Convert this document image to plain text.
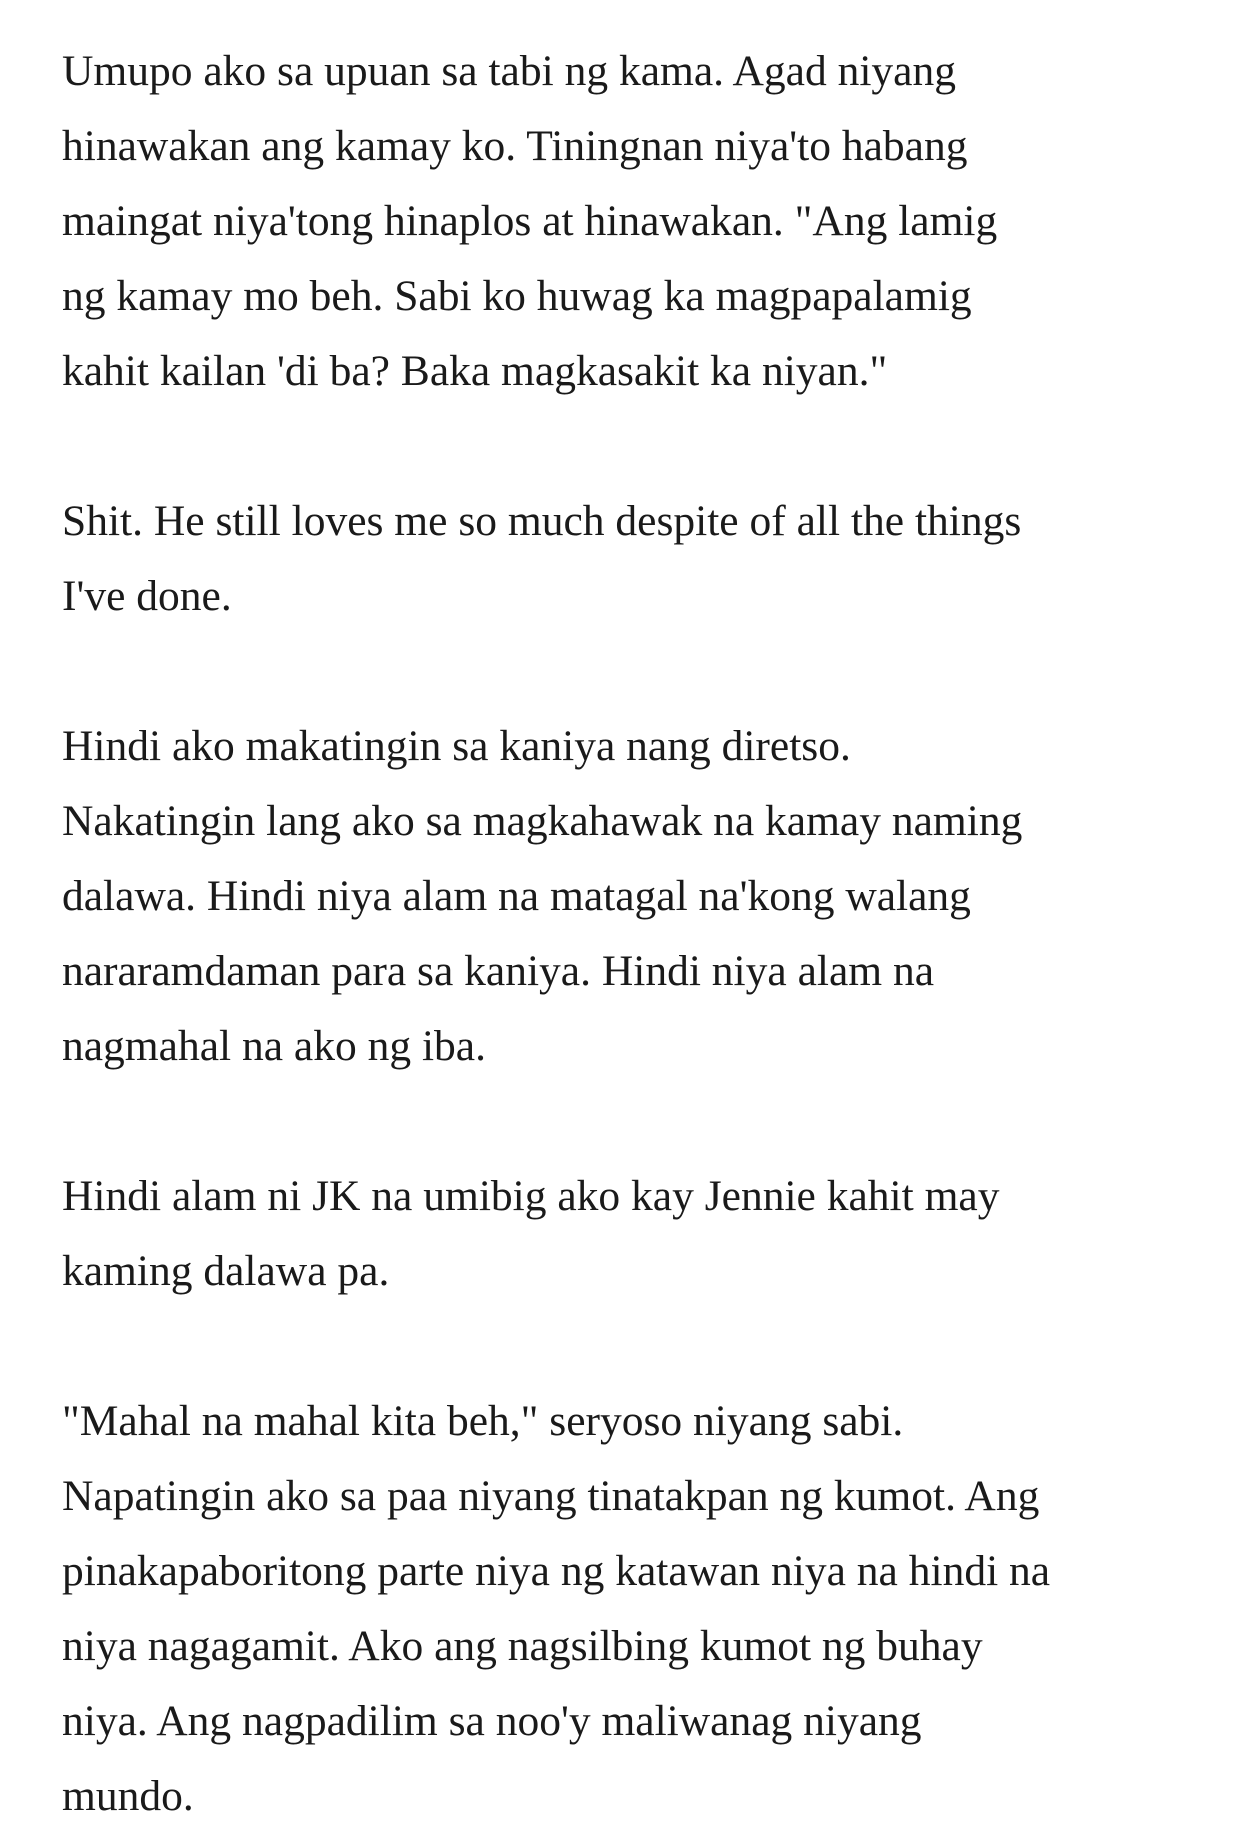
Umupo ako sa upuan sa tabi ng kama. Agad niyang
hinawakan ang kamay ko. Tiningnan niya'to habang
maingat niya'tong hinaplos at hinawakan. "Ang lamig
ng kamay mo beh. Sabi ko huwag ka magpapalamig
kahit kailan 'di ba? Baka magkasakit ka niyan."

Shit. He still loves me so much despite of all the things
I've done.

Hindi ako makatingin sa kaniya nang diretso.
Nakatingin lang ako sa magkahawak na kamay naming
dalawa. Hindi niya alam na matagal na'kong walang
nararamdaman para sa kaniya. Hindi niya alam na
nagmahal na ako ng iba.

Hindi alam ni JK na umibig ako kay Jennie kahit may
kaming dalawa pa.

"Mahal na mahal kita beh," seryoso niyang sabi.
Napatingin ako sa paa niyang tinatakpan ng kumot. Ang
pinakapaboritong parte niya ng katawan niya na hindi na
niya nagagamit. Ako ang nagsilbing kumot ng buhay
niya. Ang nagpadilim sa noo'y maliwanag niyang
mundo.
